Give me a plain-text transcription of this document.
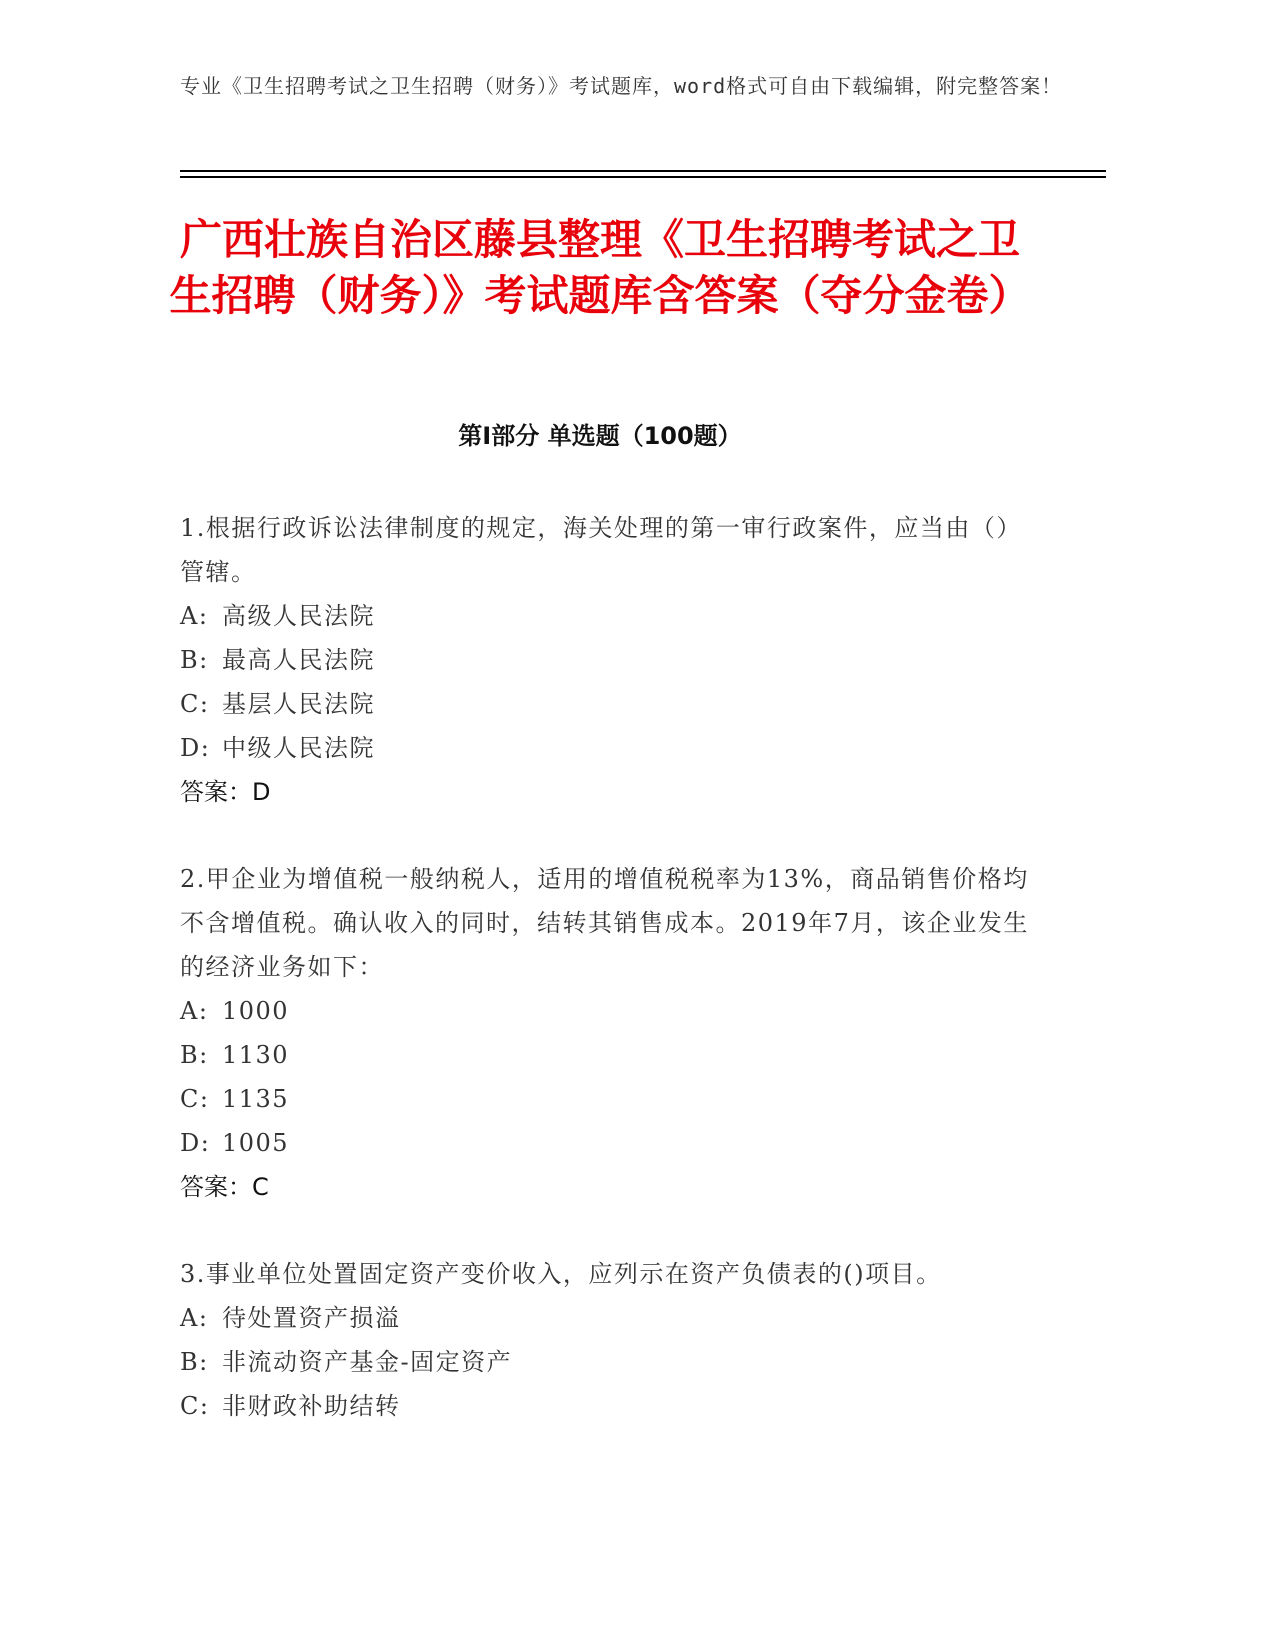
专业《卫生招聘考试之卫生招聘（财务）》考试题库，word格式可自由下载编辑，附完整答案！
广西壮族自治区藤县整理《卫生招聘考试之卫生招聘（财务）》考试题库含答案（夺分金卷）
第I部分 单选题（100题）

1.根据行政诉讼法律制度的规定，海关处理的第一审行政案件，应当由（）管辖。

A: 高级人民法院

B: 最高人民法院

C: 基层人民法院

D: 中级人民法院

答案：D

2.甲企业为增值税一般纳税人，适用的增值税税率为13%，商品销售价格均不含增值税。确认收入的同时，结转其销售成本。2019年7月，该企业发生的经济业务如下：

A: 1000

B: 1130

C: 1135

D: 1005

答案：C

3.事业单位处置固定资产变价收入，应列示在资产负债表的()项目。

A: 待处置资产损溢

B: 非流动资产基金-固定资产

C: 非财政补助结转
